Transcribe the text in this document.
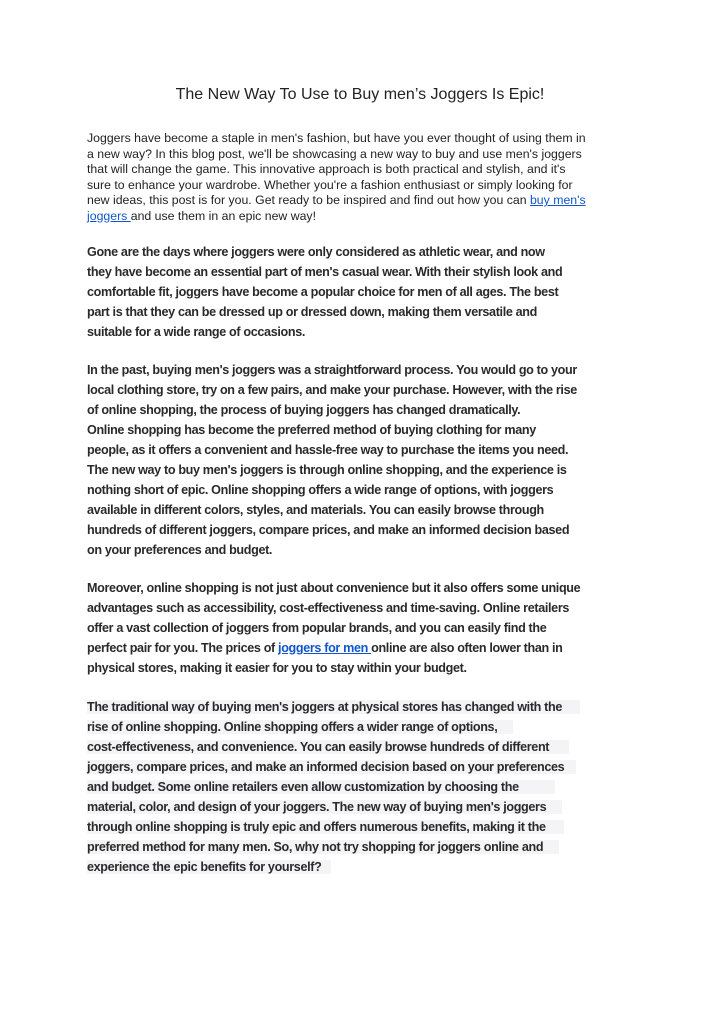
The New Way To Use to Buy men’s Joggers Is Epic!

Joggers have become a staple in men's fashion, but have you ever thought of using them in
a new way? In this blog post, we'll be showcasing a new way to buy and use men's joggers
that will change the game. This innovative approach is both practical and stylish, and it's
sure to enhance your wardrobe. Whether you're a fashion enthusiast or simply looking for
new ideas, this post is for you. Get ready to be inspired and find out how you can buy men's
joggers and use them in an epic new way!

Gone are the days where joggers were only considered as athletic wear, and now
they have become an essential part of men's casual wear. With their stylish look and
comfortable fit, joggers have become a popular choice for men of all ages. The best
part is that they can be dressed up or dressed down, making them versatile and
suitable for a wide range of occasions.

In the past, buying men's joggers was a straightforward process. You would go to your
local clothing store, try on a few pairs, and make your purchase. However, with the rise
of online shopping, the process of buying joggers has changed dramatically.
Online shopping has become the preferred method of buying clothing for many
people, as it offers a convenient and hassle-free way to purchase the items you need.
The new way to buy men's joggers is through online shopping, and the experience is
nothing short of epic. Online shopping offers a wide range of options, with joggers
available in different colors, styles, and materials. You can easily browse through
hundreds of different joggers, compare prices, and make an informed decision based
on your preferences and budget.

Moreover, online shopping is not just about convenience but it also offers some unique
advantages such as accessibility, cost-effectiveness and time-saving. Online retailers
offer a vast collection of joggers from popular brands, and you can easily find the
perfect pair for you. The prices of joggers for men online are also often lower than in
physical stores, making it easier for you to stay within your budget.

The traditional way of buying men's joggers at physical stores has changed with the
rise of online shopping. Online shopping offers a wider range of options,
cost-effectiveness, and convenience. You can easily browse hundreds of different
joggers, compare prices, and make an informed decision based on your preferences
and budget. Some online retailers even allow customization by choosing the
material, color, and design of your joggers. The new way of buying men's joggers
through online shopping is truly epic and offers numerous benefits, making it the
preferred method for many men. So, why not try shopping for joggers online and
experience the epic benefits for yourself?
